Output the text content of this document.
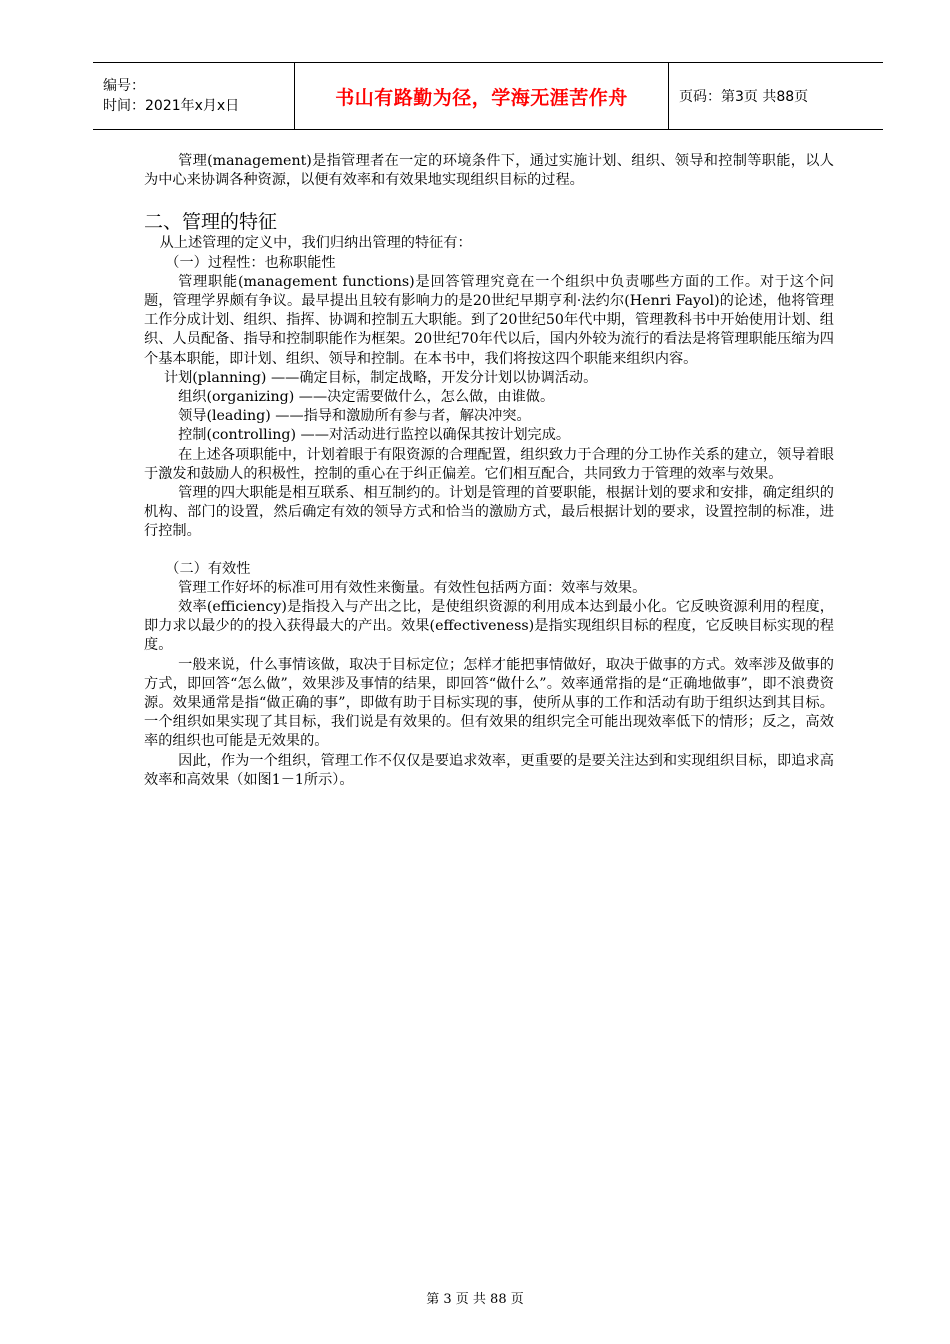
编号：
时间：2021年x月x日	书山有路勤为径，学海无涯苦作舟	页码：第3页 共88页

管理(management)是指管理者在一定的环境条件下，通过实施计划、组织、领导和控制等职能，以人为中心来协调各种资源，以便有效率和有效果地实现组织目标的过程。

二、管理的特征

从上述管理的定义中，我们归纳出管理的特征有：

（一）过程性：也称职能性

管理职能(management functions)是回答管理究竟在一个组织中负责哪些方面的工作。对于这个问题，管理学界颇有争议。最早提出且较有影响力的是20世纪早期亨利·法约尔(Henri Fayol)的论述，他将管理工作分成计划、组织、指挥、协调和控制五大职能。到了20世纪50年代中期，管理教科书中开始使用计划、组织、人员配备、指导和控制职能作为框架。20世纪70年代以后，国内外较为流行的看法是将管理职能压缩为四个基本职能，即计划、组织、领导和控制。在本书中，我们将按这四个职能来组织内容。

计划(planning) ——确定目标，制定战略，开发分计划以协调活动。

组织(organizing) ——决定需要做什么，怎么做，由谁做。

领导(leading) ——指导和激励所有参与者，解决冲突。

控制(controlling) ——对活动进行监控以确保其按计划完成。

在上述各项职能中，计划着眼于有限资源的合理配置，组织致力于合理的分工协作关系的建立，领导着眼于激发和鼓励人的积极性，控制的重心在于纠正偏差。它们相互配合，共同致力于管理的效率与效果。

管理的四大职能是相互联系、相互制约的。计划是管理的首要职能，根据计划的要求和安排，确定组织的机构、部门的设置，然后确定有效的领导方式和恰当的激励方式，最后根据计划的要求，设置控制的标准，进行控制。

（二）有效性

管理工作好坏的标准可用有效性来衡量。有效性包括两方面：效率与效果。

效率(efficiency)是指投入与产出之比，是使组织资源的利用成本达到最小化。它反映资源利用的程度，即力求以最少的的投入获得最大的产出。效果(effectiveness)是指实现组织目标的程度，它反映目标实现的程度。

一般来说，什么事情该做，取决于目标定位；怎样才能把事情做好，取决于做事的方式。效率涉及做事的方式，即回答“怎么做”，效果涉及事情的结果，即回答“做什么”。效率通常指的是“正确地做事”，即不浪费资源。效果通常是指“做正确的事”，即做有助于目标实现的事，使所从事的工作和活动有助于组织达到其目标。一个组织如果实现了其目标，我们说是有效果的。但有效果的组织完全可能出现效率低下的情形；反之，高效率的组织也可能是无效果的。

因此，作为一个组织，管理工作不仅仅是要追求效率，更重要的是要关注达到和实现组织目标，即追求高效率和高效果（如图1－1所示）。

第 3 页 共 88 页
